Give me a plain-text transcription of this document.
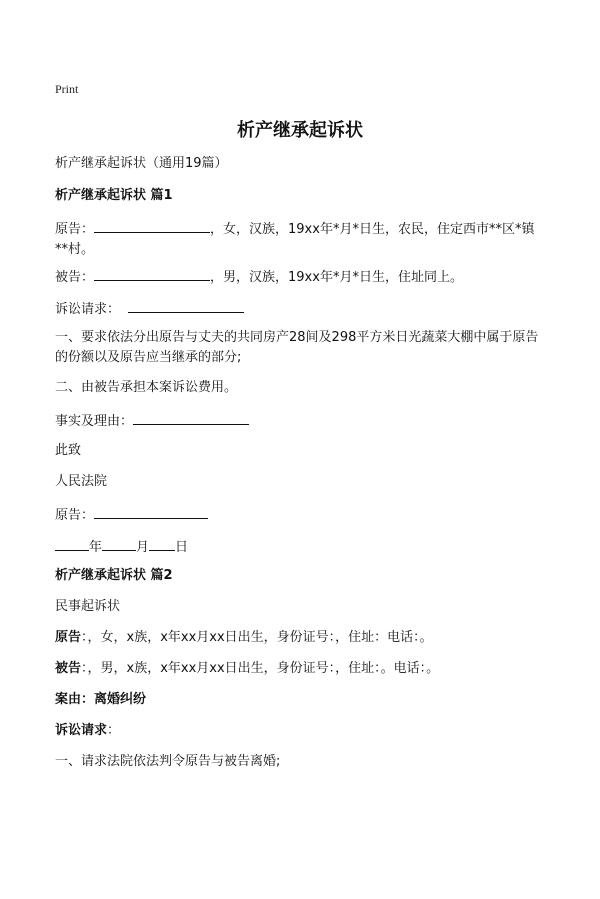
Print
析产继承起诉状
析产继承起诉状（通用19篇）
析产继承起诉状 篇1
原告：	，女，汉族，19xx年*月*日生，农民，住定西市**区*镇**村。
被告：	，男，汉族，19xx年*月*日生，住址同上。
诉讼请求：
一、要求依法分出原告与丈夫的共同房产28间及298平方米日光蔬菜大棚中属于原告的份额以及原告应当继承的部分;
二、由被告承担本案诉讼费用。
事实及理由：
此致
人民法院
原告：
年	月 日
析产继承起诉状 篇2
民事起诉状
原告：，女，x族，x年xx月xx日出生，身份证号：，住址：电话：。
被告：，男，x族，x年xx月xx日出生，身份证号：，住址：。电话：。
案由：离婚纠纷
诉讼请求：
一、请求法院依法判令原告与被告离婚;
